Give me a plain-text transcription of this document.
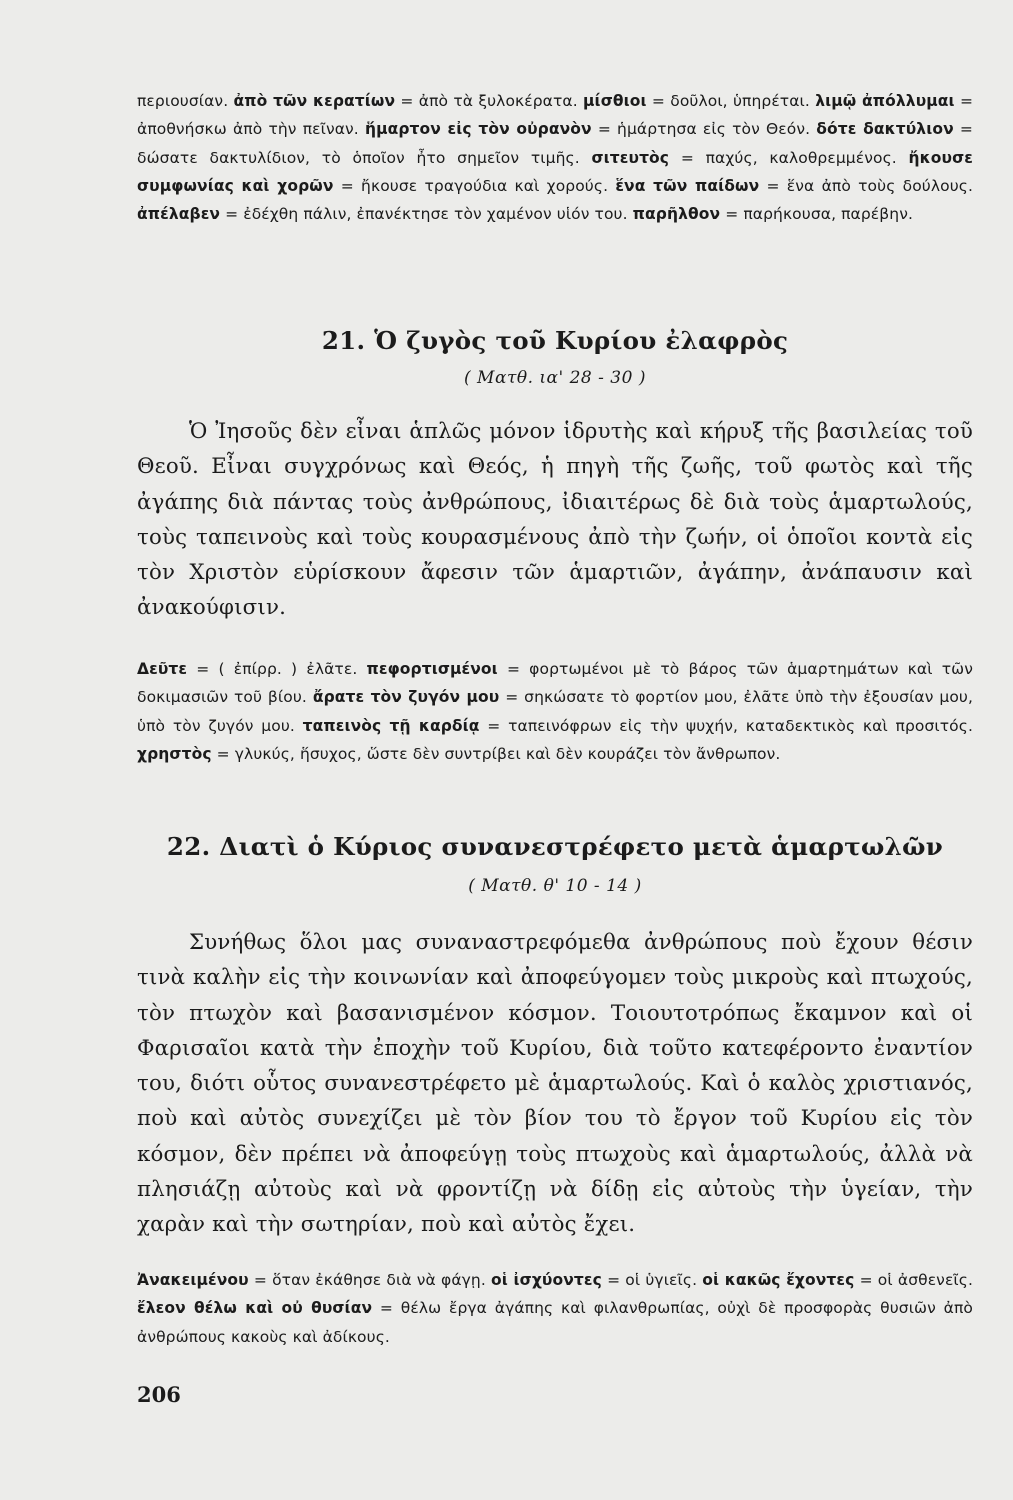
περιουσίαν. ἀπὸ τῶν κερατίων = ἀπὸ τὰ ξυλοκέρατα. μίσθιοι = δοῦλοι, ὑπηρέται. λιμῷ ἀπόλλυμαι = ἀποθνήσκω ἀπὸ τὴν πεῖναν. ἥμαρτον εἰς τὸν οὐρανὸν = ἡμάρτησα εἰς τὸν Θεόν. δότε δακτύλιον = δώσατε δακτυλίδιον, τὸ ὁποῖον ἦτο σημεῖον τιμῆς. σιτευτὸς = παχύς, καλοθρεμμένος. ἤκουσε συμφωνίας καὶ χορῶν = ἤκουσε τραγούδια καὶ χορούς. ἕνα τῶν παίδων = ἕνα ἀπὸ τοὺς δούλους. ἀπέλαβεν = ἐδέχθη πάλιν, ἐπανέκτησε τὸν χαμένον υἱόν του. παρῆλθον = παρήκουσα, παρέβην.
21. Ὁ ζυγὸς τοῦ Κυρίου ἐλαφρὸς
( Ματθ. ια' 28 - 30 )
Ὁ Ἰησοῦς δὲν εἶναι ἁπλῶς μόνον ἱδρυτὴς καὶ κήρυξ τῆς βασιλείας τοῦ Θεοῦ. Εἶναι συγχρόνως καὶ Θεός, ἡ πηγὴ τῆς ζωῆς, τοῦ φωτὸς καὶ τῆς ἀγάπης διὰ πάντας τοὺς ἀνθρώπους, ἰδιαιτέρως δὲ διὰ τοὺς ἁμαρτωλούς, τοὺς ταπεινοὺς καὶ τοὺς κουρασμένους ἀπὸ τὴν ζωήν, οἱ ὁποῖοι κοντὰ εἰς τὸν Χριστὸν εὑρίσκουν ἄφεσιν τῶν ἁμαρτιῶν, ἀγάπην, ἀνάπαυσιν καὶ ἀνακούφισιν.
Δεῦτε = ( ἐπίρρ. ) ἐλᾶτε. πεφορτισμένοι = φορτωμένοι μὲ τὸ βάρος τῶν ἁμαρτημάτων καὶ τῶν δοκιμασιῶν τοῦ βίου. ἄρατε τὸν ζυγόν μου = σηκώσατε τὸ φορτίον μου, ἐλᾶτε ὑπὸ τὴν ἐξουσίαν μου, ὑπὸ τὸν ζυγόν μου. ταπεινὸς τῇ καρδίᾳ = ταπεινόφρων εἰς τὴν ψυχήν, καταδεκτικὸς καὶ προσιτός. χρηστὸς = γλυκύς, ἥσυχος, ὥστε δὲν συντρίβει καὶ δὲν κουράζει τὸν ἄνθρωπον.
22. Διατὶ ὁ Κύριος συνανεστρέφετο μετὰ ἁμαρτωλῶν
( Ματθ. θ' 10 - 14 )
Συνήθως ὅλοι μας συναναστρεφόμεθα ἀνθρώπους ποὺ ἔχουν θέσιν τινὰ καλὴν εἰς τὴν κοινωνίαν καὶ ἀποφεύγομεν τοὺς μικροὺς καὶ πτωχούς, τὸν πτωχὸν καὶ βασανισμένον κόσμον. Τοιουτοτρόπως ἔκαμνον καὶ οἱ Φαρισαῖοι κατὰ τὴν ἐποχὴν τοῦ Κυρίου, διὰ τοῦτο κατεφέροντο ἐναντίον του, διότι οὗτος συνανεστρέφετο μὲ ἁμαρτωλούς. Καὶ ὁ καλὸς χριστιανός, ποὺ καὶ αὐτὸς συνεχίζει μὲ τὸν βίον του τὸ ἔργον τοῦ Κυρίου εἰς τὸν κόσμον, δὲν πρέπει νὰ ἀποφεύγῃ τοὺς πτωχοὺς καὶ ἁμαρτωλούς, ἀλλὰ νὰ πλησιάζῃ αὐτοὺς καὶ νὰ φροντίζῃ νὰ δίδῃ εἰς αὐτοὺς τὴν ὑγείαν, τὴν χαρὰν καὶ τὴν σωτηρίαν, ποὺ καὶ αὐτὸς ἔχει.
Ἀνακειμένου = ὅταν ἐκάθησε διὰ νὰ φάγῃ. οἱ ἰσχύοντες = οἱ ὑγιεῖς. οἱ κακῶς ἔχοντες = οἱ ἀσθενεῖς. ἔλεον θέλω καὶ οὐ θυσίαν = θέλω ἔργα ἀγάπης καὶ φιλανθρωπίας, οὐχὶ δὲ προσφορὰς θυσιῶν ἀπὸ ἀνθρώπους κακοὺς καὶ ἀδίκους.
206
